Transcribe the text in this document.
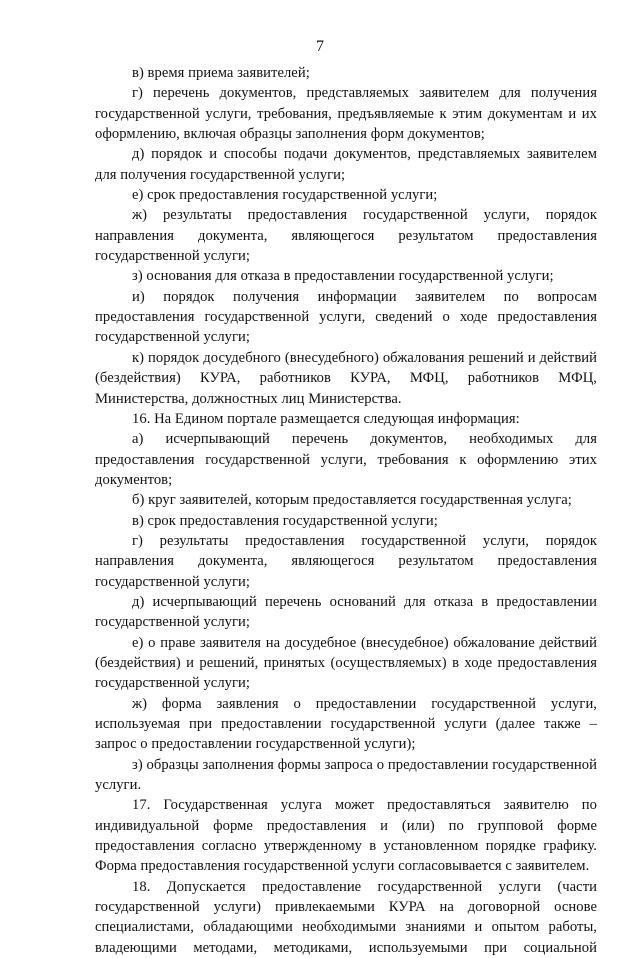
7

в) время приема заявителей;

г) перечень документов, представляемых заявителем для получения государственной услуги, требования, предъявляемые к этим документам и их оформлению, включая образцы заполнения форм документов;

д) порядок и способы подачи документов, представляемых заявителем для получения государственной услуги;

е) срок предоставления государственной услуги;

ж) результаты предоставления государственной услуги, порядок направления документа, являющегося результатом предоставления государственной услуги;

з) основания для отказа в предоставлении государственной услуги;

и) порядок получения информации заявителем по вопросам предоставления государственной услуги, сведений о ходе предоставления государственной услуги;

к) порядок досудебного (внесудебного) обжалования решений и действий (бездействия) КУРА, работников КУРА, МФЦ, работников МФЦ, Министерства, должностных лиц Министерства.

16. На Едином портале размещается следующая информация:

а) исчерпывающий перечень документов, необходимых для предоставления государственной услуги, требования к оформлению этих документов;

б) круг заявителей, которым предоставляется государственная услуга;

в) срок предоставления государственной услуги;

г) результаты предоставления государственной услуги, порядок направления документа, являющегося результатом предоставления государственной услуги;

д) исчерпывающий перечень оснований для отказа в предоставлении государственной услуги;

е) о праве заявителя на досудебное (внесудебное) обжалование действий (бездействия) и решений, принятых (осуществляемых) в ходе предоставления государственной услуги;

ж) форма заявления о предоставлении государственной услуги, используемая при предоставлении государственной услуги (далее также – запрос о предоставлении государственной услуги);

з) образцы заполнения формы запроса о предоставлении государственной услуги.

17. Государственная услуга может предоставляться заявителю по индивидуальной форме предоставления и (или) по групповой форме предоставления согласно утвержденному в установленном порядке графику. Форма предоставления государственной услуги согласовывается с заявителем.

18. Допускается предоставление государственной услуги (части государственной услуги) привлекаемыми КУРА на договорной основе специалистами, обладающими необходимыми знаниями и опытом работы, владеющими методами, методиками, используемыми при социальной
